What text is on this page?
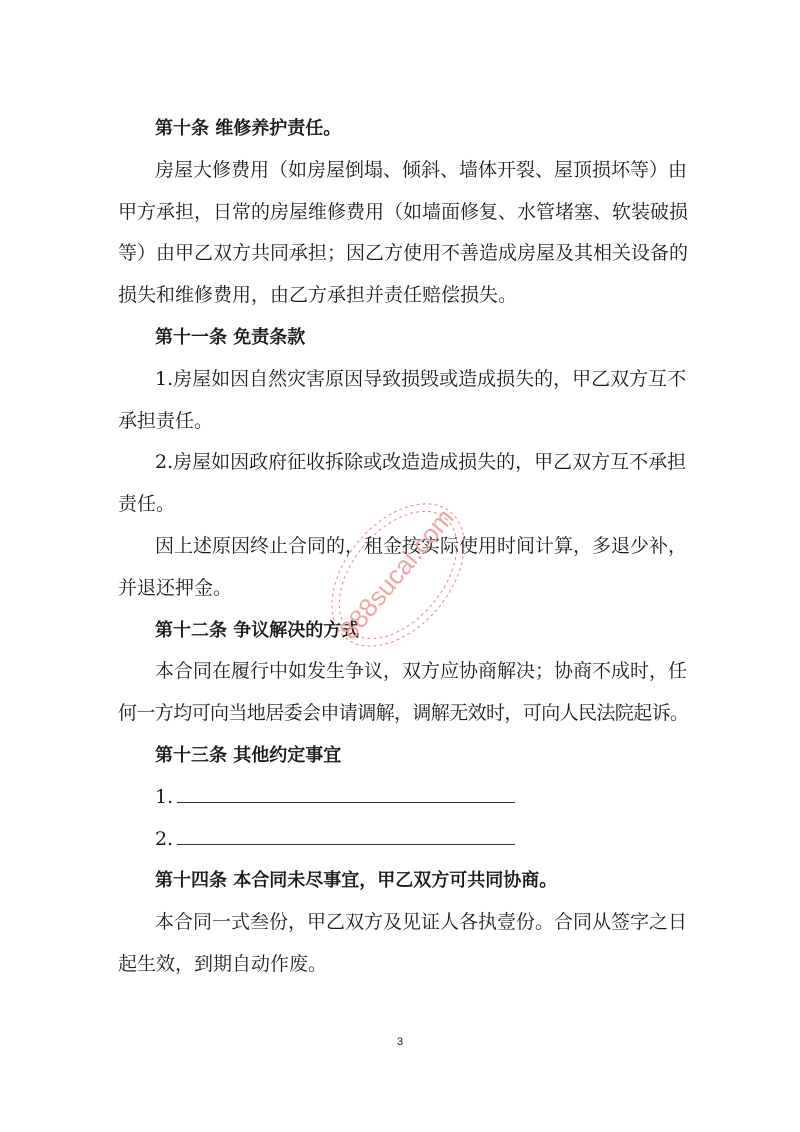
第十条 维修养护责任。
房屋大修费用（如房屋倒塌、倾斜、墙体开裂、屋顶损坏等）由
甲方承担，日常的房屋维修费用（如墙面修复、水管堵塞、软装破损
等）由甲乙双方共同承担；因乙方使用不善造成房屋及其相关设备的
损失和维修费用，由乙方承担并责任赔偿损失。
第十一条 免责条款
1.房屋如因自然灾害原因导致损毁或造成损失的，甲乙双方互不
承担责任。
2.房屋如因政府征收拆除或改造造成损失的，甲乙双方互不承担
责任。
因上述原因终止合同的，租金按实际使用时间计算，多退少补，
并退还押金。
第十二条 争议解决的方式
本合同在履行中如发生争议，双方应协商解决；协商不成时，任
何一方均可向当地居委会申请调解，调解无效时，可向人民法院起诉。
第十三条 其他约定事宜
1.
2.
第十四条 本合同未尽事宜，甲乙双方可共同协商。
本合同一式叁份，甲乙双方及见证人各执壹份。合同从签字之日
起生效，到期自动作废。
888sucai.com
3
